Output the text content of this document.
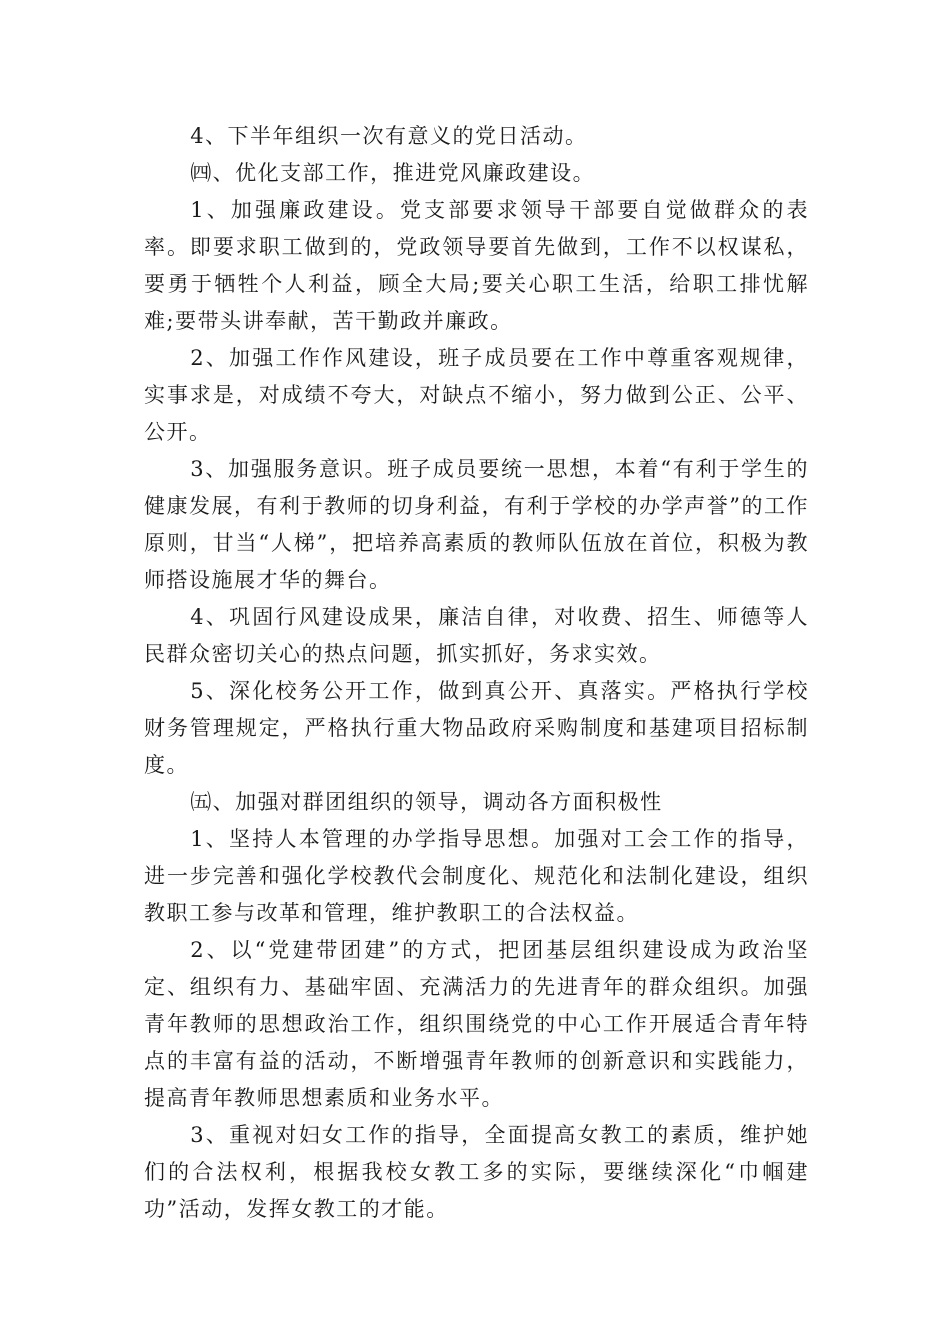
4、下半年组织一次有意义的党日活动。

㈣、优化支部工作，推进党风廉政建设。

1、加强廉政建设。党支部要求领导干部要自觉做群众的表率。即要求职工做到的，党政领导要首先做到，工作不以权谋私，要勇于牺牲个人利益，顾全大局;要关心职工生活，给职工排忧解难;要带头讲奉献，苦干勤政并廉政。

2、加强工作作风建设，班子成员要在工作中尊重客观规律，实事求是，对成绩不夸大，对缺点不缩小，努力做到公正、公平、公开。

3、加强服务意识。班子成员要统一思想，本着“有利于学生的健康发展，有利于教师的切身利益，有利于学校的办学声誉”的工作原则，甘当“人梯”，把培养高素质的教师队伍放在首位，积极为教师搭设施展才华的舞台。

4、巩固行风建设成果，廉洁自律，对收费、招生、师德等人民群众密切关心的热点问题，抓实抓好，务求实效。

5、深化校务公开工作，做到真公开、真落实。严格执行学校财务管理规定，严格执行重大物品政府采购制度和基建项目招标制度。

㈤、加强对群团组织的领导，调动各方面积极性

1、坚持人本管理的办学指导思想。加强对工会工作的指导，进一步完善和强化学校教代会制度化、规范化和法制化建设，组织教职工参与改革和管理，维护教职工的合法权益。

2、以“党建带团建”的方式，把团基层组织建设成为政治坚定、组织有力、基础牢固、充满活力的先进青年的群众组织。加强青年教师的思想政治工作，组织围绕党的中心工作开展适合青年特点的丰富有益的活动，不断增强青年教师的创新意识和实践能力，提高青年教师思想素质和业务水平。

3、重视对妇女工作的指导，全面提高女教工的素质，维护她们的合法权利，根据我校女教工多的实际，要继续深化“巾帼建功”活动，发挥女教工的才能。
